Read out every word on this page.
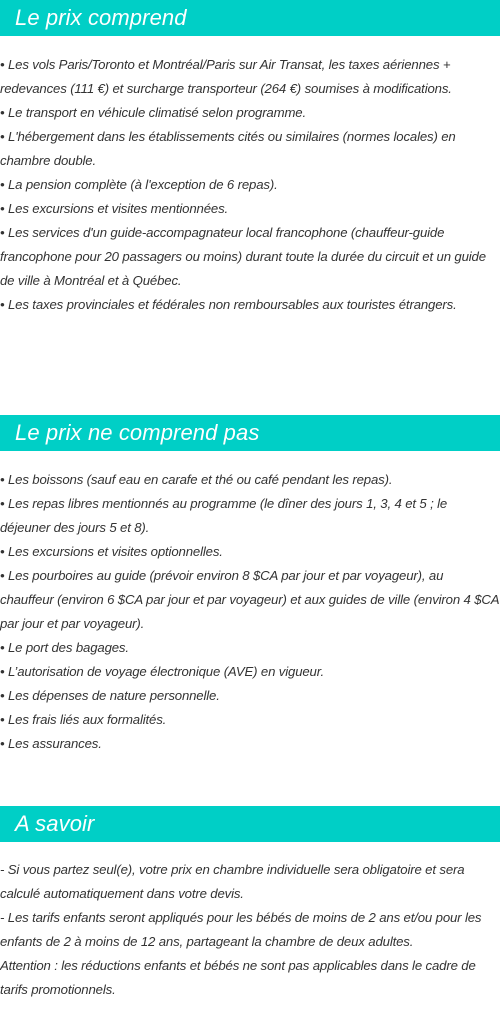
Le prix comprend

• Les vols Paris/Toronto et Montréal/Paris sur Air Transat, les taxes aériennes + redevances (111 €) et surcharge transporteur (264 €) soumises à modifications.

• Le transport en véhicule climatisé selon programme.

• L'hébergement dans les établissements cités ou similaires (normes locales) en chambre double.

• La pension complète (à l'exception de 6 repas).

• Les excursions et visites mentionnées.

• Les services d'un guide-accompagnateur local francophone (chauffeur-guide francophone pour 20 passagers ou moins) durant toute la durée du circuit et un guide de ville à Montréal et à Québec.

• Les taxes provinciales et fédérales non remboursables aux touristes étrangers.

Le prix ne comprend pas

• Les boissons (sauf eau en carafe et thé ou café pendant les repas).

• Les repas libres mentionnés au programme (le dîner des jours 1, 3, 4 et 5 ; le déjeuner des jours 5 et 8).

• Les excursions et visites optionnelles.

• Les pourboires au guide (prévoir environ 8 $CA par jour et par voyageur), au chauffeur (environ 6 $CA par jour et par voyageur) et aux guides de ville (environ 4 $CA par jour et par voyageur).

• Le port des bagages.

• L’autorisation de voyage électronique (AVE) en vigueur.

• Les dépenses de nature personnelle.

• Les frais liés aux formalités.

• Les assurances.

A savoir

- Si vous partez seul(e), votre prix en chambre individuelle sera obligatoire et sera calculé automatiquement dans votre devis.

- Les tarifs enfants seront appliqués pour les bébés de moins de 2 ans et/ou pour les enfants de 2 à moins de 12 ans, partageant la chambre de deux adultes.

Attention : les réductions enfants et bébés ne sont pas applicables dans le cadre de tarifs promotionnels.
